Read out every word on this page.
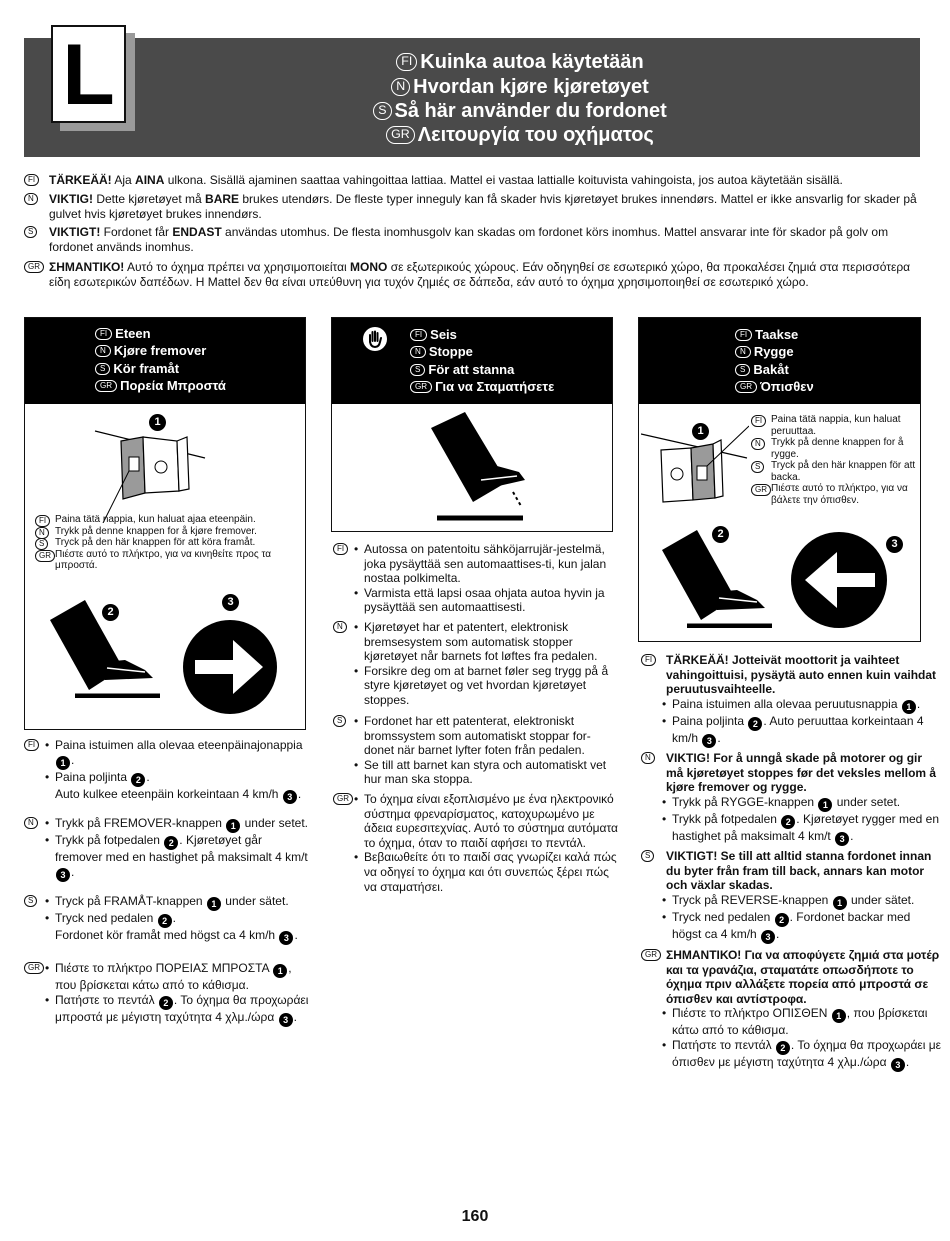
L	FI Kuinka autoa käytetään
N Hvordan kjøre kjøretøyet
S Så här använder du fordonet
GR Λειτουργία του οχήματος
FI	TÄRKEÄÄ! Aja AINA ulkona. Sisällä ajaminen saattaa vahingoittaa lattiaa. Mattel ei vastaa lattialle koituvista vahingoista, jos autoa käytetään sisällä.
N	VIKTIG! Dette kjøretøyet må BARE brukes utendørs. De fleste typer inneguly kan få skader hvis kjøretøyet brukes innendørs. Mattel er ikke ansvarlig for skader på gulvet hvis kjøretøyet brukes innendørs.
S	VIKTIGT! Fordonet får ENDAST användas utomhus. De flesta inomhusgolv kan skadas om fordonet körs inomhus. Mattel ansvarar inte för skador på golv om fordonet används inomhus.
GR ΣΗΜΑΝΤΙΚΟ! Αυτό το όχημα πρέπει να χρησιμοποιείται ΜΟΝΟ σε εξωτερικούς χώρους. Εάν οδηγηθεί σε εσωτερικό χώρο, θα προκαλέσει ζημιά στα περισσότερα είδη εσωτερικών δαπέδων. Η Mattel δεν θα είναι υπεύθυνη για τυχόν ζημιές σε δάπεδα, εάν αυτό το όχημα χρησιμοποιηθεί σε εσωτερικό χώρο.
FI Eteen
N Kjøre fremover
S Kör framåt
GR Πορεία Μπροστά
1
FI Paina tätä nappia, kun haluat ajaa eteenpäin.
N	Trykk på denne knappen for å kjøre fremover.
S	Tryck på den här knappen för att köra framåt.
GR Πιέστε αυτό το πλήκτρο, για να κινηθείτε προς τα μπροστά.
2
3
FI Seis
N Stoppe
S För att stanna
GR Για να Σταματήσετε
FI Taakse
N Rygge
S Bakåt
GR Όπισθεν
1
FI Paina tätä nappia, kun haluat peruuttaa.
N	Trykk på denne knappen for å rygge.
S	Tryck på den här knappen för att backa.
GR Πιέστε αυτό το πλήκτρο, για να βάλετε την όπισθεν.
2
3
FI	• Paina istuimen alla olevaa eteenpäinajonappia 1 .
• Paina poljinta 2 .
Auto kulkee eteenpäin korkeintaan 4 km/h 3 .
N	• Trykk på FREMOVER-knappen 1 under setet.
• Trykk på fotpedalen 2 . Kjøretøyet går fremover med en hastighet på maksimalt 4 km/t 3 .
S	• Tryck på FRAMÅT-knappen 1 under sätet.
• Tryck ned pedalen 2 .
Fordonet kör framåt med högst ca 4 km/h 3 .
GR	• Πιέστε το πλήκτρο ΠΟΡΕΙΑΣ ΜΠΡΟΣΤΑ 1 , που βρίσκεται κάτω από το κάθισμα.
• Πατήστε το πεντάλ 2 . Το όχημα θα προχωράει μπροστά με μέγιστη ταχύτητα 4 χλμ./ώρα 3 .
FI	• Autossa on patentoitu sähköjarrujär-jestelmä, joka pysäyttää sen automaattises-ti, kun jalan nostaa polkimelta.
• Varmista että lapsi osaa ohjata autoa hyvin ja pysäyttää sen automaattisesti.
N	• Kjøretøyet har et patentert, elektronisk bremsesystem som automatisk stopper kjøretøyet når barnets fot løftes fra pedalen.
• Forsikre deg om at barnet føler seg trygg på å styre kjøretøyet og vet hvordan kjøretøyet stoppes.
S	• Fordonet har ett patenterat, elektroniskt bromssystem som automatiskt stoppar for-donet när barnet lyfter foten från pedalen.
• Se till att barnet kan styra och automatiskt vet hur man ska stoppa.
GR	• Το όχημα είναι εξοπλισμένο με ένα ηλεκτρονικό σύστημα φρεναρίσματος, κατοχυρωμένο με άδεια ευρεσιτεχνίας. Αυτό το σύστημα αυτόματα το όχημα, όταν το παιδί αφήσει το πεντάλ.
• Βεβαιωθείτε ότι το παιδί σας γνωρίζει καλά πώς να οδηγεί το όχημα και ότι συνεπώς ξέρει πώς να σταματήσει.
FI	TÄRKEÄÄ! Jotteivät moottorit ja vaihteet vahingoittuisi, pysäytä auto ennen kuin vaihdat peruutusvaihteelle.
• Paina istuimen alla olevaa peruutusnappia 1 .
• Paina poljinta 2 . Auto peruuttaa korkeintaan 4 km/h 3 .
N	VIKTIG! For å unngå skade på motorer og gir må kjøretøyet stoppes før det veksles mellom å kjøre fremover og rygge.
• Trykk på RYGGE-knappen 1 under setet.
• Trykk på fotpedalen 2 . Kjøretøyet rygger med en hastighet på maksimalt 4 km/t 3 .
S	VIKTIGT! Se till att alltid stanna fordonet innan du byter från fram till back, annars kan motor och växlar skadas.
• Tryck på REVERSE-knappen 1 under sätet.
• Tryck ned pedalen 2 . Fordonet backar med högst ca 4 km/h 3 .
GR ΣΗΜΑΝΤΙΚΟ! Για να αποφύγετε ζημιά στα μοτέρ και τα γρανάζια, σταματάτε οπωσδήποτε το όχημα πριν αλλάξετε πορεία από μπροστά σε όπισθεν και αντίστροφα.
• Πιέστε το πλήκτρο ΟΠΙΣΘΕΝ 1 , που βρίσκεται κάτω από το κάθισμα.
• Πατήστε το πεντάλ 2 . Το όχημα θα προχωράει με όπισθεν με μέγιστη ταχύτητα 4 χλμ./ώρα 3 .
160
